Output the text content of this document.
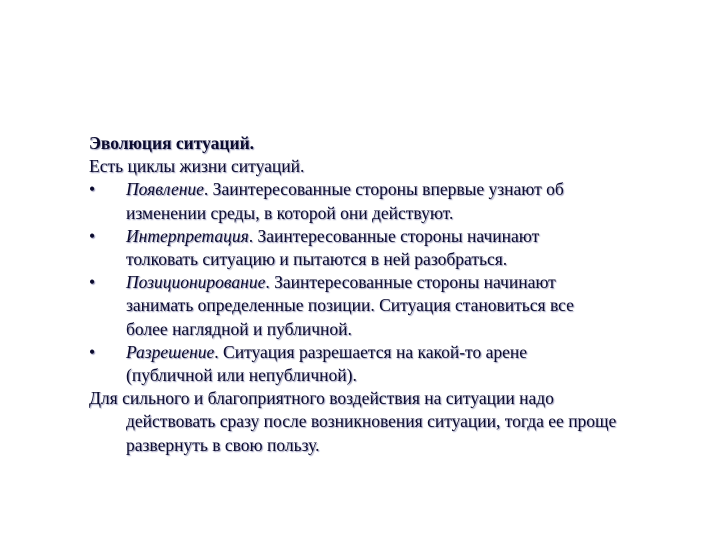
Эволюция ситуаций.
Есть циклы жизни ситуаций.
•	Появление. Заинтересованные стороны впервые узнают об
изменении среды, в которой они действуют.
•	Интерпретация. Заинтересованные стороны начинают
толковать ситуацию и пытаются в ней разобраться.
•	Позиционирование. Заинтересованные стороны начинают
занимать определенные позиции. Ситуация становиться все
более наглядной и публичной.
•	Разрешение. Ситуация разрешается на какой-то арене
(публичной или непубличной).
Для сильного и благоприятного воздействия на ситуации надо
действовать сразу после возникновения ситуации, тогда ее проще
развернуть в свою пользу.
